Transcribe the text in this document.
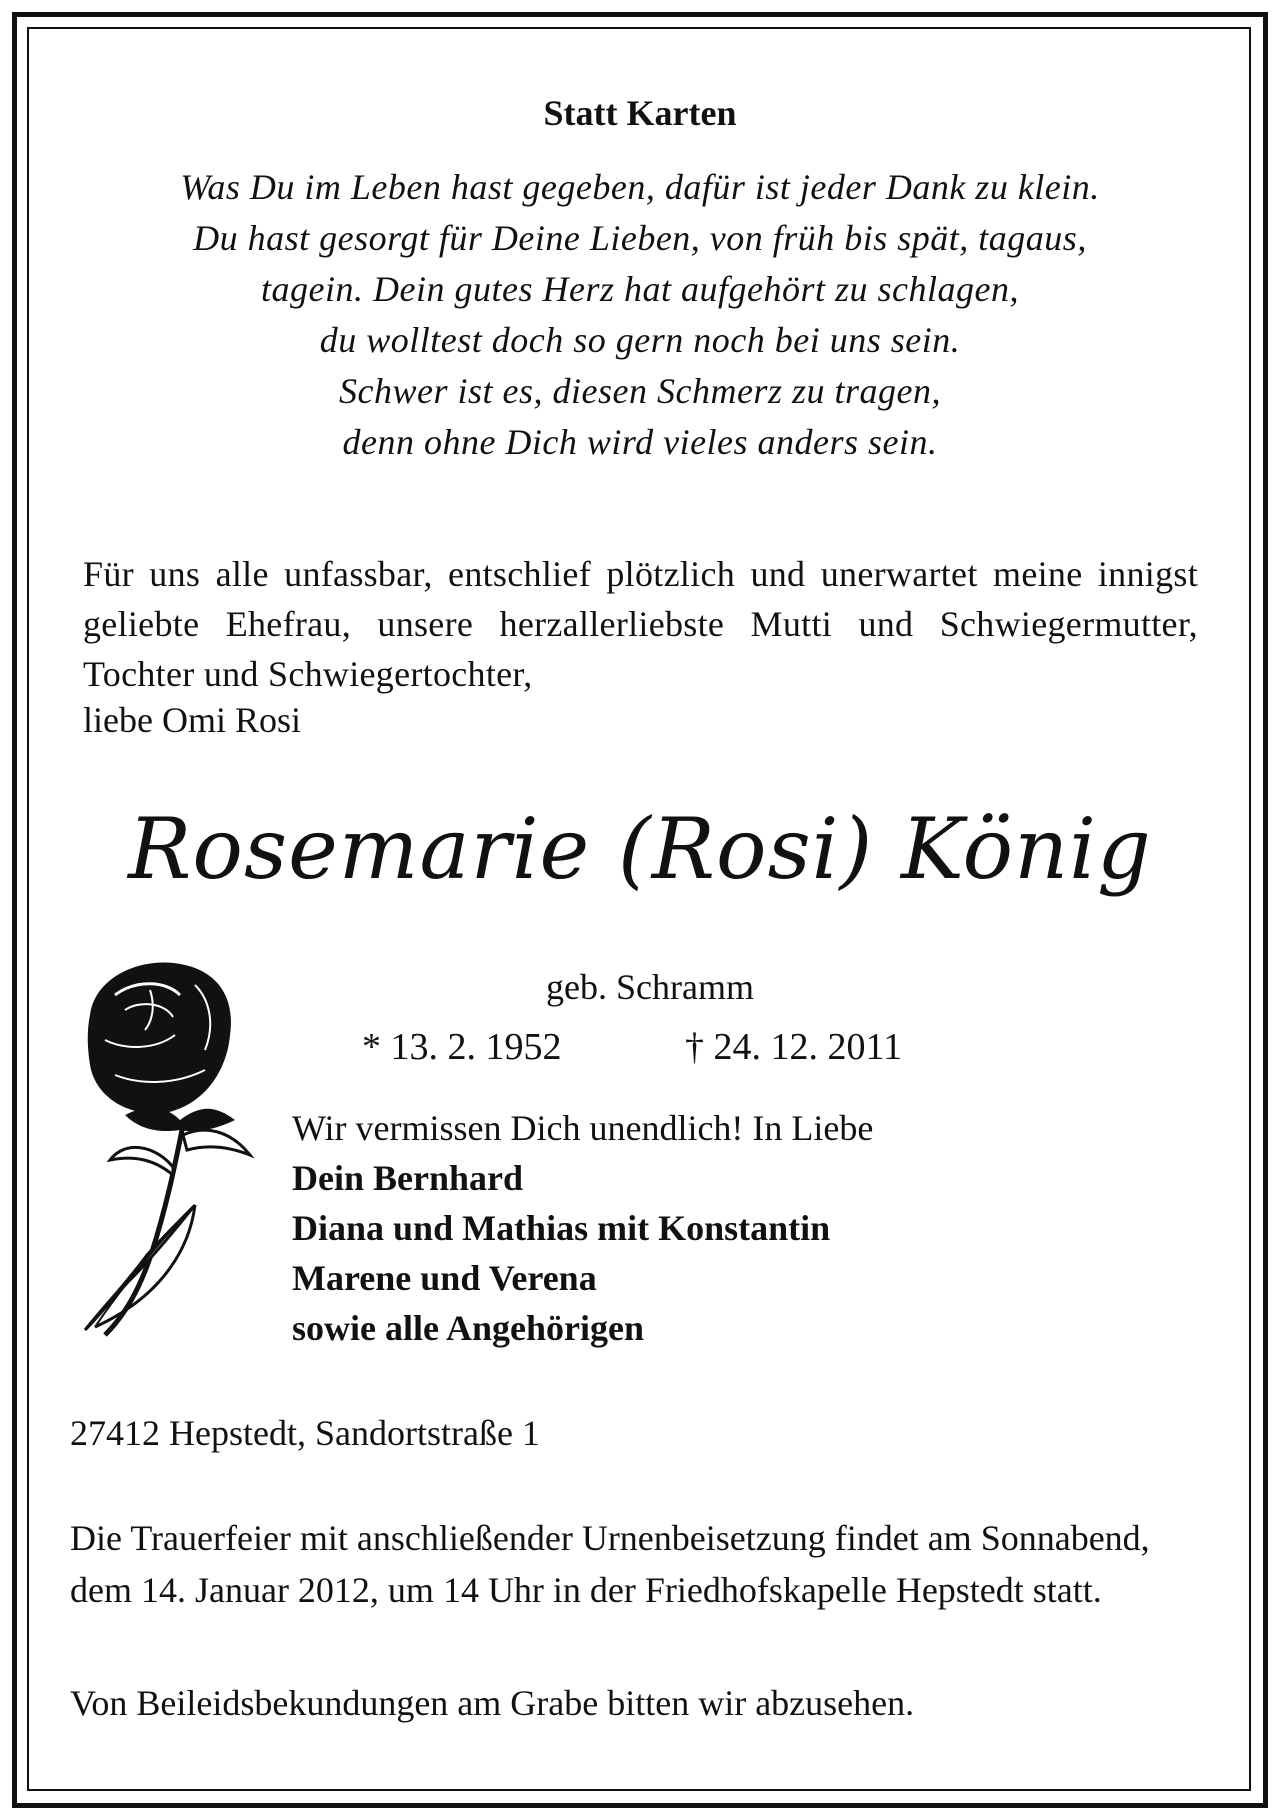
Statt Karten
Was Du im Leben hast gegeben, dafür ist jeder Dank zu klein.
Du hast gesorgt für Deine Lieben, von früh bis spät, tagaus,
tagein. Dein gutes Herz hat aufgehört zu schlagen,
du wolltest doch so gern noch bei uns sein.
Schwer ist es, diesen Schmerz zu tragen,
denn ohne Dich wird vieles anders sein.
Für uns alle unfassbar, entschlief plötzlich und unerwartet meine innigst geliebte Ehefrau, unsere herzallerliebste Mutti und Schwiegermutter, Tochter und Schwiegertochter,
liebe Omi Rosi
Rosemarie (Rosi) König
geb. Schramm
* 13. 2. 1952	† 24. 12. 2011
Wir vermissen Dich unendlich! In Liebe
Dein Bernhard
Diana und Mathias mit Konstantin
Marene und Verena
sowie alle Angehörigen
27412 Hepstedt, Sandortstraße 1
Die Trauerfeier mit anschließender Urnenbeisetzung findet am Sonnabend, dem 14. Januar 2012, um 14 Uhr in der Friedhofskapelle Hepstedt statt.
Von Beileidsbekundungen am Grabe bitten wir abzusehen.
